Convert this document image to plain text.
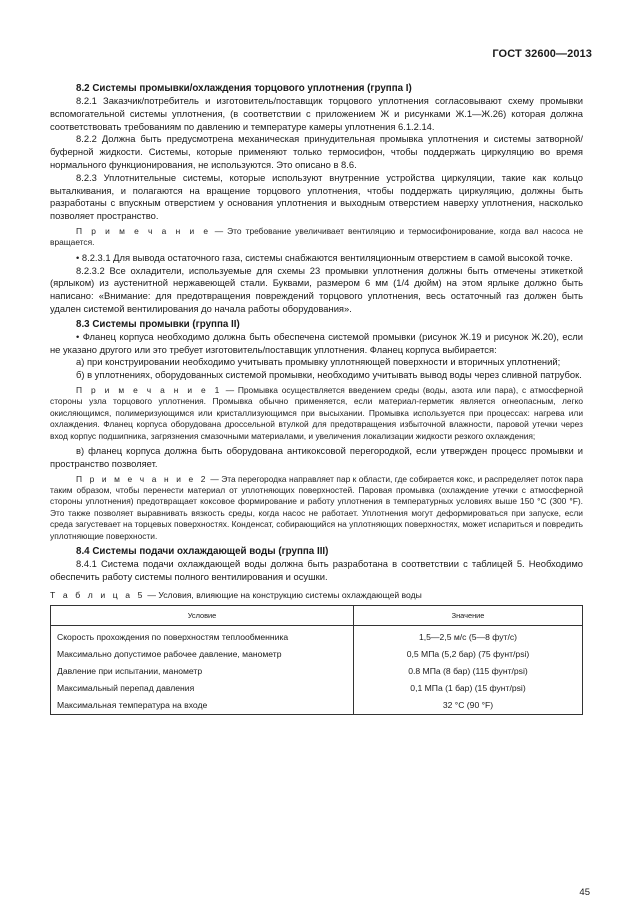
ГОСТ 32600—2013

8.2 Системы промывки/охлаждения торцового уплотнения (группа I)

8.2.1 Заказчик/потребитель и изготовитель/поставщик торцового уплотнения согласовывают схему промывки вспомогательной системы уплотнения, (в соответствии с приложением Ж и рисунками Ж.1—Ж.26) которая должна соответствовать требованиям по давлению и температуре камеры уплотнения 6.1.2.14.

8.2.2 Должна быть предусмотрена механическая принудительная промывка уплотнения и системы затворной/буферной жидкости. Системы, которые применяют только термосифон, чтобы поддержать циркуляцию во время нормального функционирования, не используются. Это описано в 8.6.

8.2.3 Уплотнительные системы, которые используют внутренние устройства циркуляции, такие как кольцо выталкивания, и полагаются на вращение торцового уплотнения, чтобы поддержать циркуляцию, должны быть разработаны с впускным отверстием у основания уплотнения и выходным отверстием наверху уплотнения, насколько позволяет пространство.

П р и м е ч а н и е — Это требование увеличивает вентиляцию и термосифонирование, когда вал насоса не вращается.

• 8.2.3.1 Для вывода остаточного газа, системы снабжаются вентиляционным отверстием в самой высокой точке.

8.2.3.2 Все охладители, используемые для схемы 23 промывки уплотнения должны быть отмечены этикеткой (ярлыком) из аустенитной нержавеющей стали. Буквами, размером 6 мм (1/4 дюйм) на этом ярлыке должно быть написано: «Внимание: для предотвращения повреждений торцового уплотнения, весь остаточный газ должен быть удален системой вентилирования до начала работы оборудования».

8.3 Системы промывки (группа II)

• Фланец корпуса необходимо должна быть обеспечена системой промывки (рисунок Ж.19 и рисунок Ж.20), если не указано другого или это требует изготовитель/поставщик уплотнения. Фланец корпуса выбирается:

а) при конструировании необходимо учитывать промывку уплотняющей поверхности и вторичных уплотнений;

б) в уплотнениях, оборудованных системой промывки, необходимо учитывать вывод воды через сливной патрубок.

П р и м е ч а н и е 1 — Промывка осуществляется введением среды (воды, азота или пара), с атмосферной стороны узла торцового уплотнения. Промывка обычно применяется, если материал-герметик является огнеопасным, легко окисляющимся, полимеризующимся или кристаллизующимся при высыхании. Промывка используется при процессах: нагрева или охлаждения. Фланец корпуса оборудована дроссельной втулкой для предотвращения избыточной влажности, паровой утечки через вход корпус подшипника, загрязнения смазочными материалами, и увеличения локализации жидкости резкого охлаждения;

в) фланец корпуса должна быть оборудована антикоксовой перегородкой, если утвержден процесс промывки и пространство позволяет.

П р и м е ч а н и е 2 — Эта перегородка направляет пар к области, где собирается кокс, и распределяет поток пара таким образом, чтобы перенести материал от уплотняющих поверхностей. Паровая промывка (охлаждение утечки с атмосферной стороны уплотнения) предотвращает коксовое формирование и работу уплотнения в температурных условиях выше 150 °С (300 °F). Это также позволяет выравнивать вязкость среды, когда насос не работает. Уплотнения могут деформироваться при запуске, если среда загустевает на торцевых поверхностях. Конденсат, собирающийся на уплотняющих поверхностях, может испариться и повредить уплотняющие поверхности.

8.4 Системы подачи охлаждающей воды (группа III)

8.4.1 Система подачи охлаждающей воды должна быть разработана в соответствии с таблицей 5. Необходимо обеспечить работу системы полного вентилирования и осушки.

Т а б л и ц а 5 — Условия, влияющие на конструкцию системы охлаждающей воды
Условие	Значение
Скорость прохождения по поверхностям теплообменника	1,5—2,5 м/с (5—8 фут/с)
Максимально допустимое рабочее давление, манометр	0,5 МПа (5,2 бар) (75 фунт/psi)
Давление при испытании, манометр	0.8 МПа (8 бар) (115 фунт/psi)
Максимальный перепад давления	0,1 МПа (1 бар) (15 фунт/psi)
Максимальная температура на входе	32 °С (90 °F)
45
